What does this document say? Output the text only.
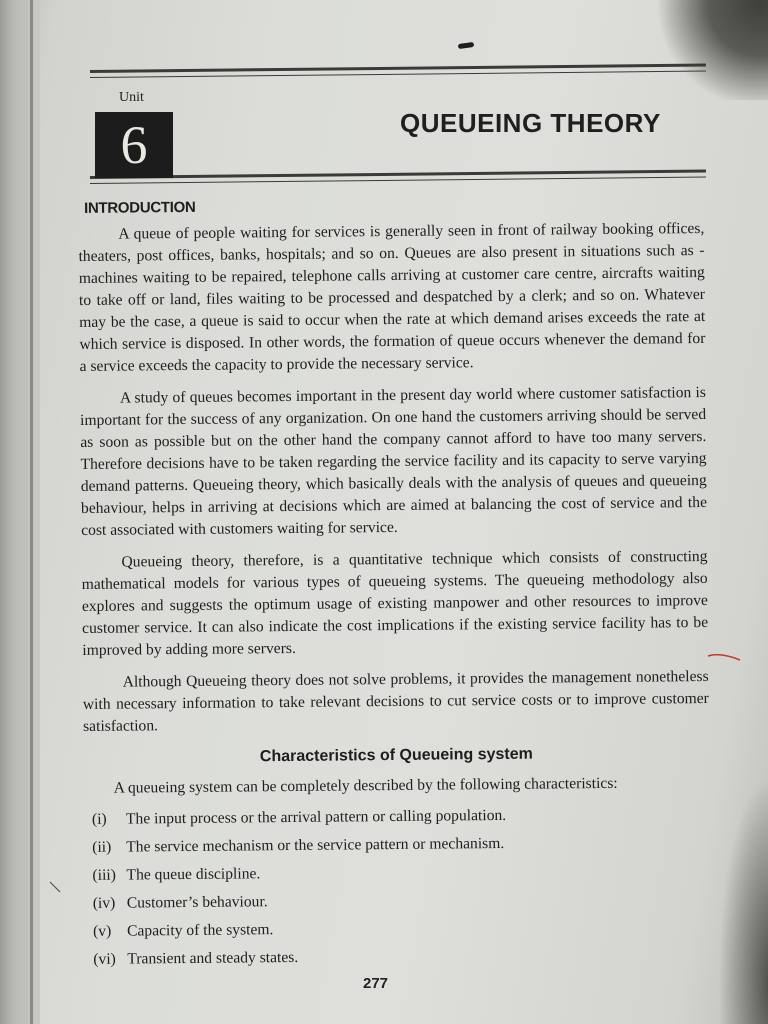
Unit
6	QUEUEING THEORY
INTRODUCTION

A queue of people waiting for services is generally seen in front of railway booking offices, theaters, post offices, banks, hospitals; and so on. Queues are also present in situations such as - machines waiting to be repaired, telephone calls arriving at customer care centre, aircrafts waiting to take off or land, files waiting to be processed and despatched by a clerk; and so on. Whatever may be the case, a queue is said to occur when the rate at which demand arises exceeds the rate at which service is disposed. In other words, the formation of queue occurs whenever the demand for a service exceeds the capacity to provide the necessary service.

A study of queues becomes important in the present day world where customer satisfaction is important for the success of any organization. On one hand the customers arriving should be served as soon as possible but on the other hand the company cannot afford to have too many servers. Therefore decisions have to be taken regarding the service facility and its capacity to serve varying demand patterns. Queueing theory, which basically deals with the analysis of queues and queueing behaviour, helps in arriving at decisions which are aimed at balancing the cost of service and the cost associated with customers waiting for service.

Queueing theory, therefore, is a quantitative technique which consists of constructing mathematical models for various types of queueing systems. The queueing methodology also explores and suggests the optimum usage of existing manpower and other resources to improve customer service. It can also indicate the cost implications if the existing service facility has to be improved by adding more servers.

Although Queueing theory does not solve problems, it provides the management nonetheless with necessary information to take relevant decisions to cut service costs or to improve customer satisfaction.

Characteristics of Queueing system

A queueing system can be completely described by the following characteristics:

(i)	The input process or the arrival pattern or calling population.
(ii) The service mechanism or the service pattern or mechanism.
(iii) The queue discipline.
(iv) Customer’s behaviour.
(v)	Capacity of the system.
(vi) Transient and steady states.
277
